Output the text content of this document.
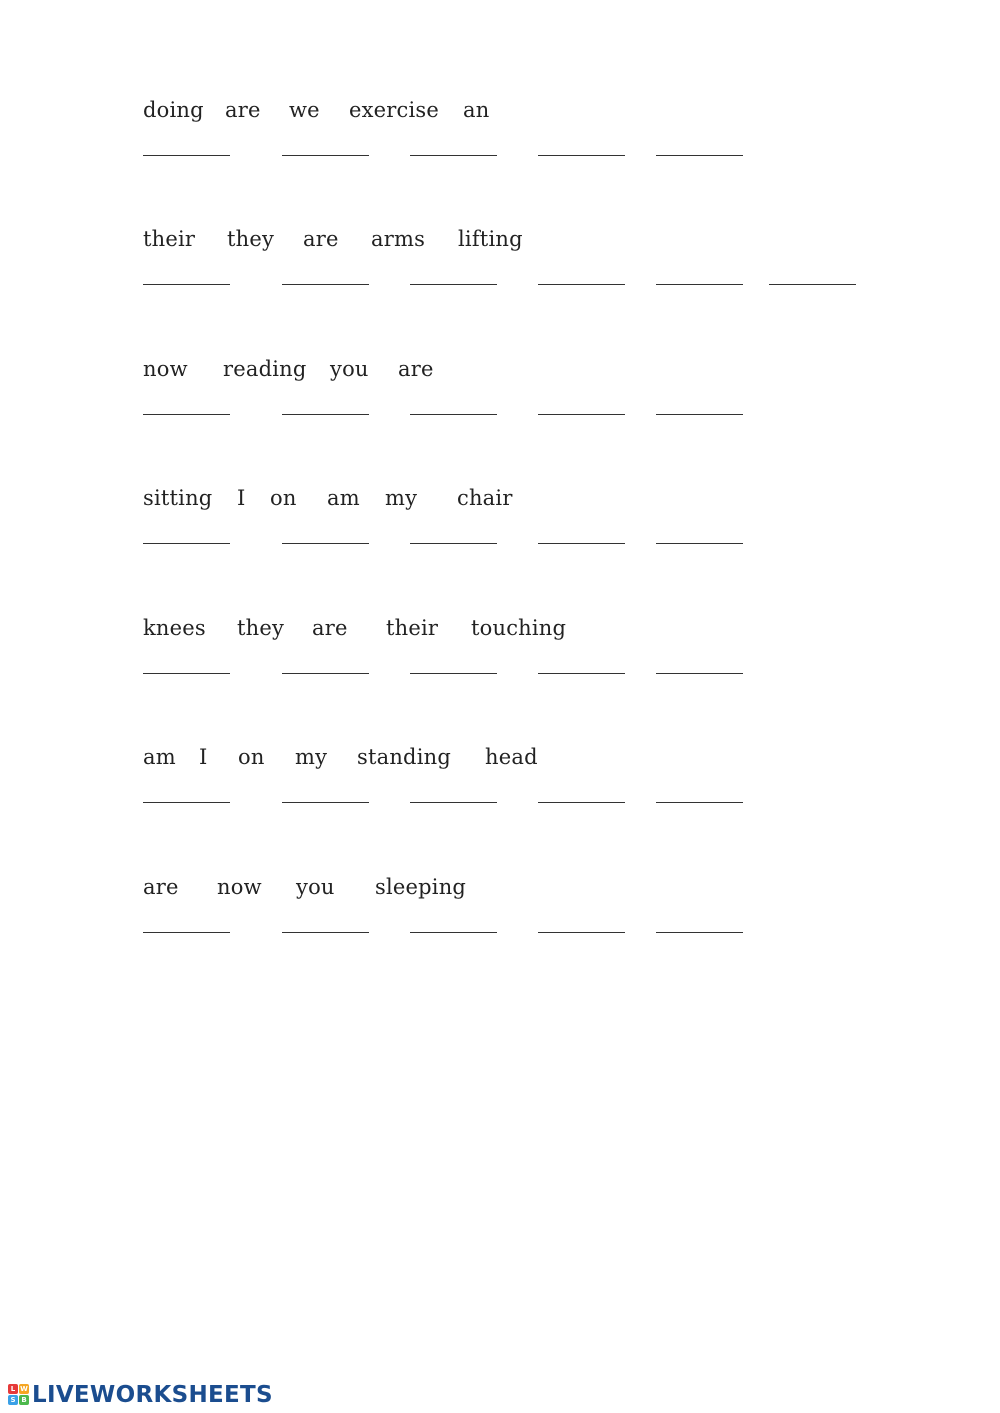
doing are we exercise an
their they are arms lifting
now reading you are
sitting I on am my chair
knees they are their touching
am I on my standing head
are now you sleeping
L W
S B LIVEWORKSHEETS
